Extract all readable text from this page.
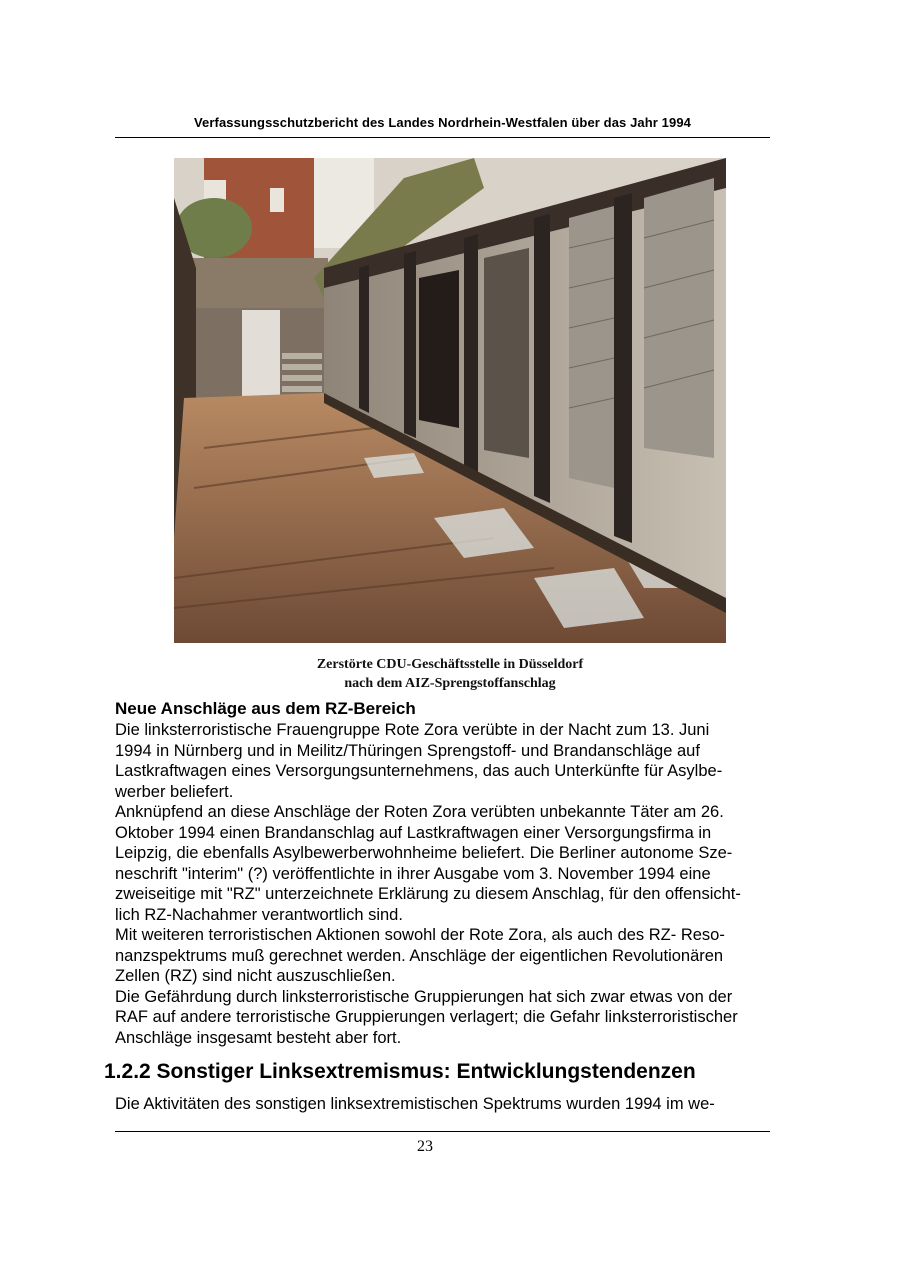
Verfassungsschutzbericht des Landes Nordrhein-Westfalen über das Jahr 1994
Zerstörte CDU-Geschäftsstelle in Düsseldorf
nach dem AIZ-Sprengstoffanschlag
Neue Anschläge aus dem RZ-Bereich
Die linksterroristische Frauengruppe Rote Zora verübte in der Nacht zum 13. Juni
1994 in Nürnberg und in Meilitz/Thüringen Sprengstoff- und Brandanschläge auf
Lastkraftwagen eines Versorgungsunternehmens, das auch Unterkünfte für Asylbe-
werber beliefert.
Anknüpfend an diese Anschläge der Roten Zora verübten unbekannte Täter am 26.
Oktober 1994 einen Brandanschlag auf Lastkraftwagen einer Versorgungsfirma in
Leipzig, die ebenfalls Asylbewerberwohnheime beliefert. Die Berliner autonome Sze-
neschrift "interim" (?) veröffentlichte in ihrer Ausgabe vom 3. November 1994 eine
zweiseitige mit "RZ" unterzeichnete Erklärung zu diesem Anschlag, für den offensicht-
lich RZ-Nachahmer verantwortlich sind.
Mit weiteren terroristischen Aktionen sowohl der Rote Zora, als auch des RZ- Reso-
nanzspektrums muß gerechnet werden. Anschläge der eigentlichen Revolutionären
Zellen (RZ) sind nicht auszuschließen.
Die Gefährdung durch linksterroristische Gruppierungen hat sich zwar etwas von der
RAF auf andere terroristische Gruppierungen verlagert; die Gefahr linksterroristischer
Anschläge insgesamt besteht aber fort.
1.2.2 Sonstiger Linksextremismus: Entwicklungstendenzen
Die Aktivitäten des sonstigen linksextremistischen Spektrums wurden 1994 im we-
23
